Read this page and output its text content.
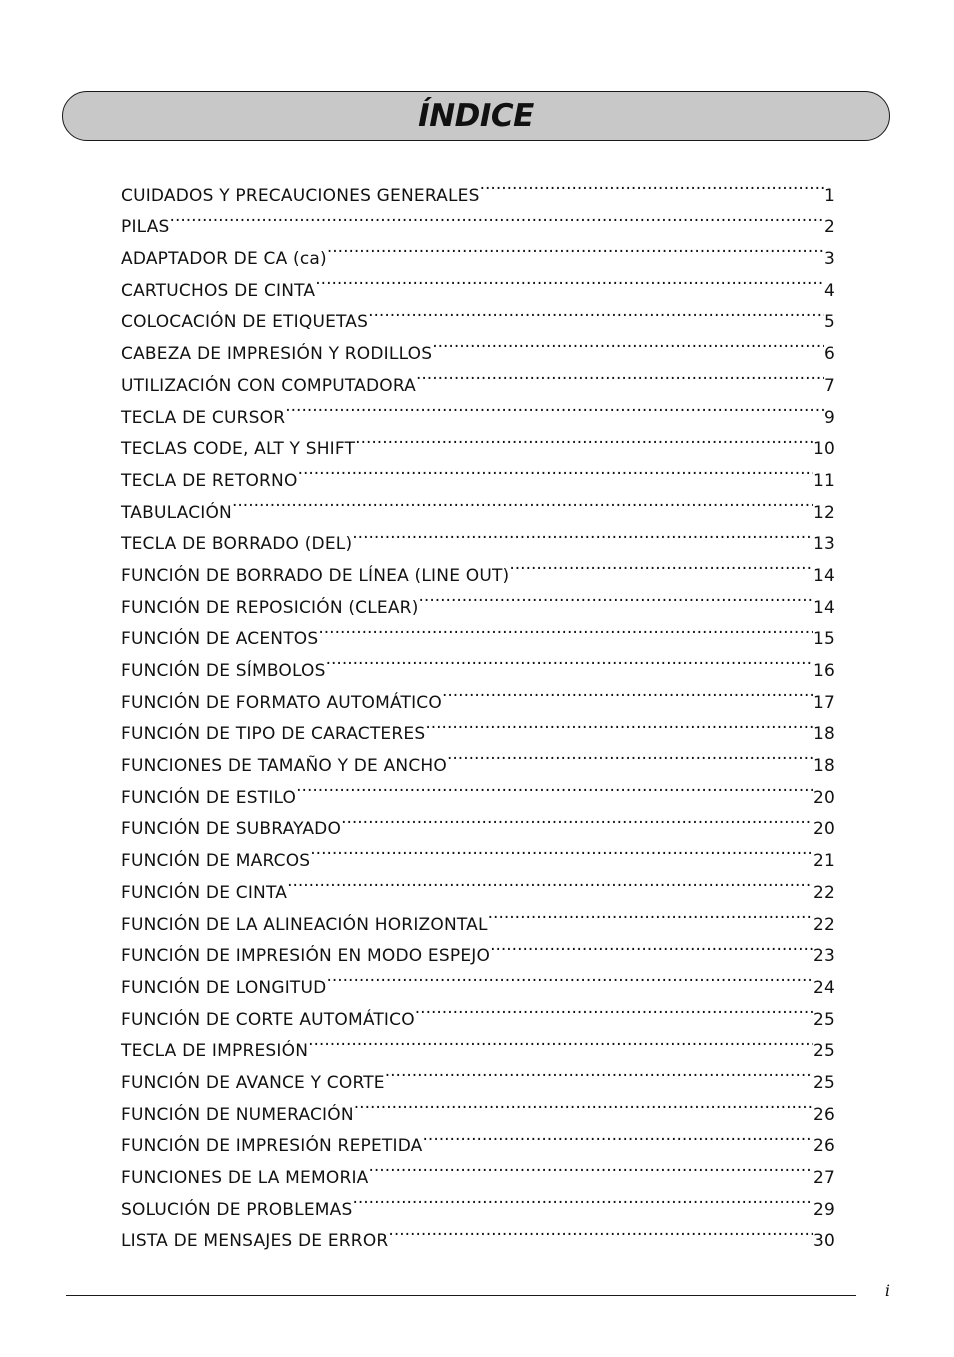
ÍNDICE
CUIDADOS Y PRECAUCIONES GENERALES .....	1
PILAS .....	2
ADAPTADOR DE CA (ca) .....	3
CARTUCHOS DE CINTA .....	4
COLOCACIÓN DE ETIQUETAS .....	5
CABEZA DE IMPRESIÓN Y RODILLOS .....	6
UTILIZACIÓN CON COMPUTADORA .....	7
TECLA DE CURSOR .....	9
TECLAS CODE, ALT Y SHIFT .....	10
TECLA DE RETORNO .....	11
TABULACIÓN .....	12
TECLA DE BORRADO (DEL) .....	13
FUNCIÓN DE BORRADO DE LÍNEA (LINE OUT) .....	14
FUNCIÓN DE REPOSICIÓN (CLEAR) .....	14
FUNCIÓN DE ACENTOS .....	15
FUNCIÓN DE SÍMBOLOS .....	16
FUNCIÓN DE FORMATO AUTOMÁTICO .....	17
FUNCIÓN DE TIPO DE CARACTERES .....	18
FUNCIONES DE TAMAÑO Y DE ANCHO .....	18
FUNCIÓN DE ESTILO .....	20
FUNCIÓN DE SUBRAYADO .....	20
FUNCIÓN DE MARCOS .....	21
FUNCIÓN DE CINTA .....	22
FUNCIÓN DE LA ALINEACIÓN HORIZONTAL .....	22
FUNCIÓN DE IMPRESIÓN EN MODO ESPEJO .....	23
FUNCIÓN DE LONGITUD .....	24
FUNCIÓN DE CORTE AUTOMÁTICO .....	25
TECLA DE IMPRESIÓN .....	25
FUNCIÓN DE AVANCE Y CORTE .....	25
FUNCIÓN DE NUMERACIÓN .....	26
FUNCIÓN DE IMPRESIÓN REPETIDA .....	26
FUNCIONES DE LA MEMORIA .....	27
SOLUCIÓN DE PROBLEMAS .....	29
LISTA DE MENSAJES DE ERROR .....	30
i
